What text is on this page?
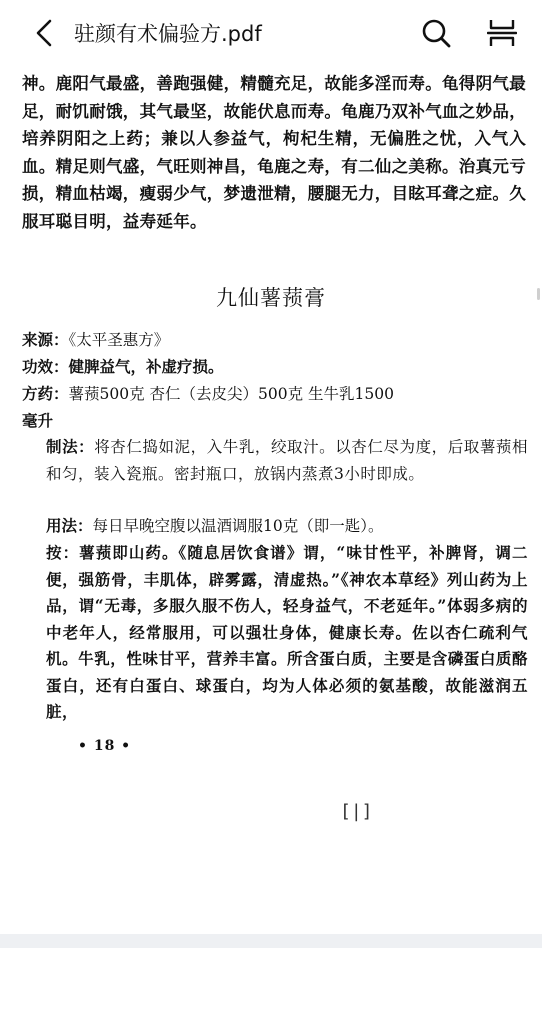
驻颜有术偏验方.pdf
神。鹿阳气最盛，善跑强健，精髓充足，故能多淫而寿。龟得阴气最足，耐饥耐饿，其气最坚，故能伏息而寿。龟鹿乃双补气血之妙品，培养阴阳之上药；兼以人参益气，枸杞生精，无偏胜之忧，入气入血。精足则气盛，气旺则神昌，龟鹿之寿，有二仙之美称。治真元亏损，精血枯竭，瘦弱少气，梦遗泄精，腰腿无力，目眩耳聋之症。久服耳聪目明，益寿延年。
九仙薯蓣膏
来源：《太平圣惠方》
功效：健脾益气，补虚疗损。
方药：薯蓣500克 杏仁（去皮尖）500克 生牛乳1500
毫升
制法：将杏仁捣如泥，入牛乳，绞取汁。以杏仁尽为度，后取薯蓣相和匀，装入瓷瓶。密封瓶口，放锅内蒸煮3小时即成。
用法：每日早晚空腹以温酒调服10克（即一匙）。
按：薯蓣即山药。《随息居饮食谱》谓，“味甘性平，补脾肾，调二便，强筋骨，丰肌体，辟雾露，清虚热。”《神农本草经》列山药为上品，谓“无毒，多服久服不伤人，轻身益气，不老延年。”体弱多病的中老年人，经常服用，可以强壮身体，健康长寿。佐以杏仁疏利气机。牛乳，性味甘平，营养丰富。所含蛋白质，主要是含磷蛋白质酪蛋白，还有白蛋白、球蛋白，均为人体必须的氨基酸，故能滋润五脏，
• 18 •
[|]
